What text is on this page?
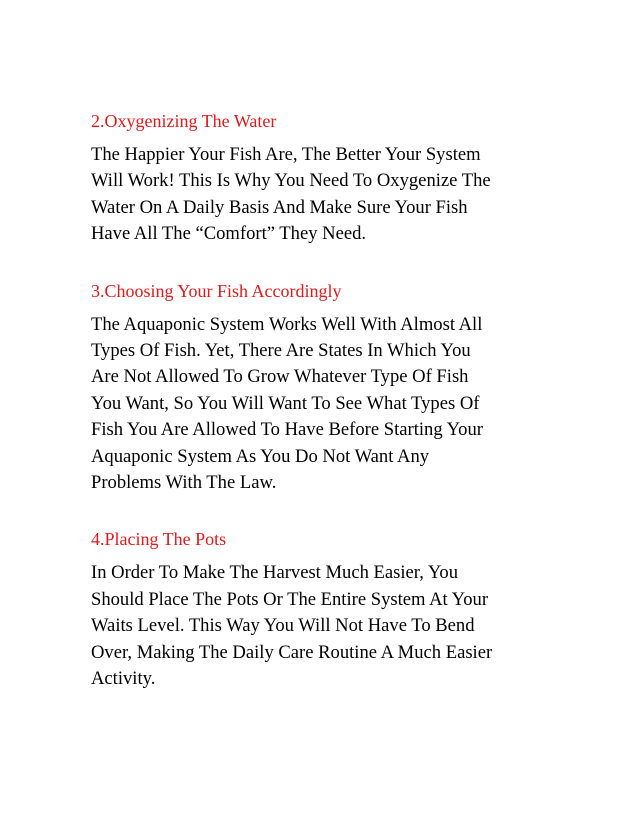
2.Oxygenizing The Water

The Happier Your Fish Are, The Better Your System
Will Work! This Is Why You Need To Oxygenize The
Water On A Daily Basis And Make Sure Your Fish
Have All The “Comfort” They Need.

3.Choosing Your Fish Accordingly

The Aquaponic System Works Well With Almost All
Types Of Fish. Yet, There Are States In Which You
Are Not Allowed To Grow Whatever Type Of Fish
You Want, So You Will Want To See What Types Of
Fish You Are Allowed To Have Before Starting Your
Aquaponic System As You Do Not Want Any
Problems With The Law.

4.Placing The Pots

In Order To Make The Harvest Much Easier, You
Should Place The Pots Or The Entire System At Your
Waits Level. This Way You Will Not Have To Bend
Over, Making The Daily Care Routine A Much Easier
Activity.
